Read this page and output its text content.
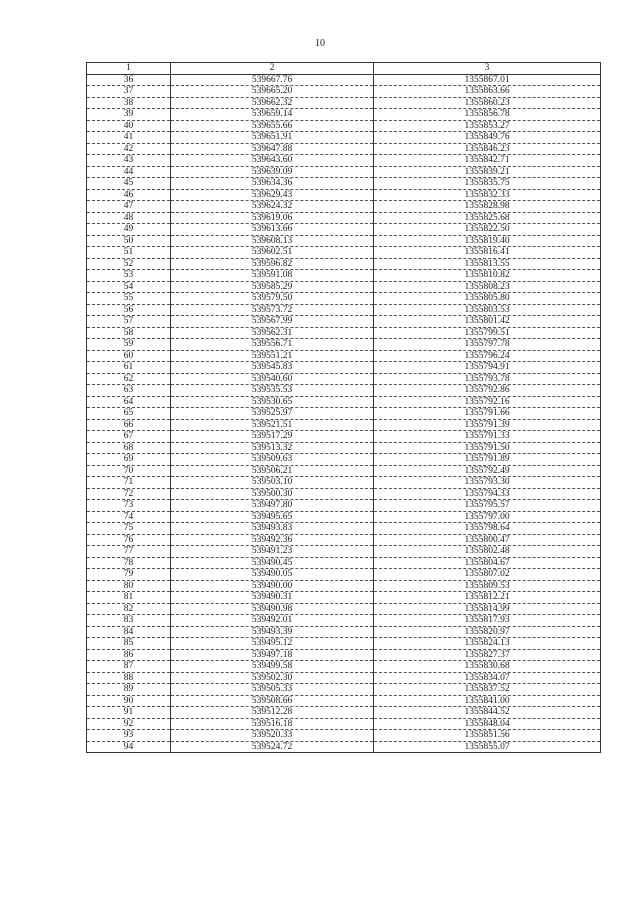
10
1	2	3
36	539667.76	1355867.01
37	539665.20	1355863.66
38	539662.32	1355860.23
39	539659.14	1355856.78
40	539655.66	1355853.27
41	539651.91	1355849.76
42	539647.88	1355846.23
43	539643.60	1355842.71
44	539639.09	1355839.21
45	539634.36	1355835.75
46	539629.43	1355832.33
47	539624.32	1355828.98
48	539619.06	1355825.68
49	539613.66	1355822.50
50	539608.13	1355819.40
51	539602.51	1355816.41
52	539596.82	1355813.55
53	539591.08	1355810.82
54	539585.29	1355808.23
55	539579.50	1355805.80
56	539573.72	1355803.53
57	539567.99	1355801.42
58	539562.31	1355799.51
59	539556.71	1355797.78
60	539551.21	1355796.24
61	539545.83	1355794.91
62	539540.60	1355793.78
63	539535.53	1355792.86
64	539530.65	1355792.16
65	539525.97	1355791.66
66	539521.51	1355791.39
67	539517.29	1355791.33
68	539513.32	1355791.50
69	539509.63	1355791.89
70	539506.21	1355792.49
71	539503.10	1355793.30
72	539500.30	1355794.33
73	539497.80	1355795.57
74	539495.65	1355797.00
75	539493.83	1355798.64
76	539492.36	1355800.47
77	539491.23	1355802.48
78	539490.45	1355804.67
79	539490.05	1355807.02
80	539490.00	1355809.53
81	539490.31	1355812.21
82	539490.98	1355814.99
83	539492.01	1355817.93
84	539493.39	1355820.97
85	539495.12	1355824.13
86	539497.18	1355827.37
87	539499.58	1355830.68
88	539502.30	1355834.07
89	539505.33	1355837.52
90	539508.66	1355841.00
91	539512.28	1355844.52
92	539516.18	1355848.04
93	539520.33	1355851.56
94	539524.72	1355855.07
